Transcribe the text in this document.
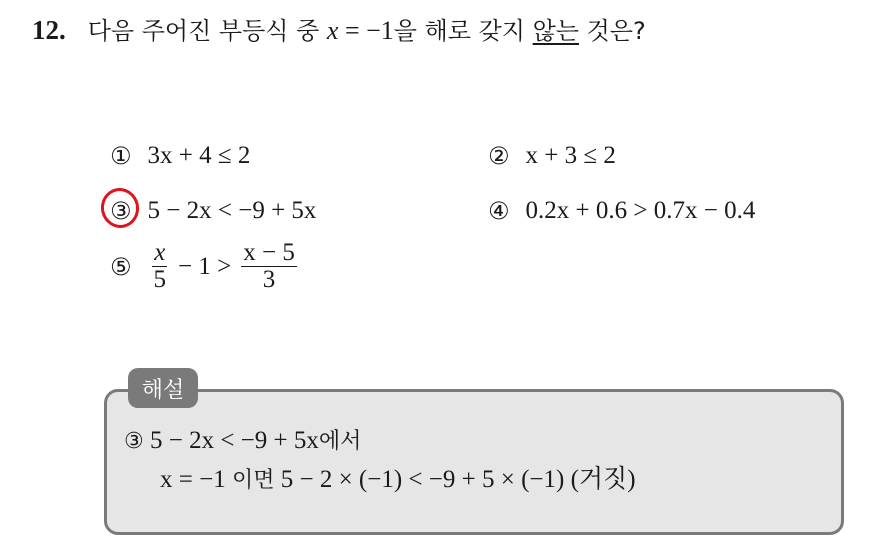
12. 다음 주어진 부등식 중 x = −1을 해로 갖지 않는 것은?
① 3x + 4 ≤ 2	② x + 3 ≤ 2
③ 5 − 2x < −9 + 5x	④ 0.2x + 0.6 > 0.7x − 0.4
⑤ $\frac{x}{5} - 1 > \frac{x - 5}{3}$
해설
③ 5 − 2x < −9 + 5x에서
x = −1 이면 5 − 2 × (−1) < −9 + 5 × (−1) (거짓)
